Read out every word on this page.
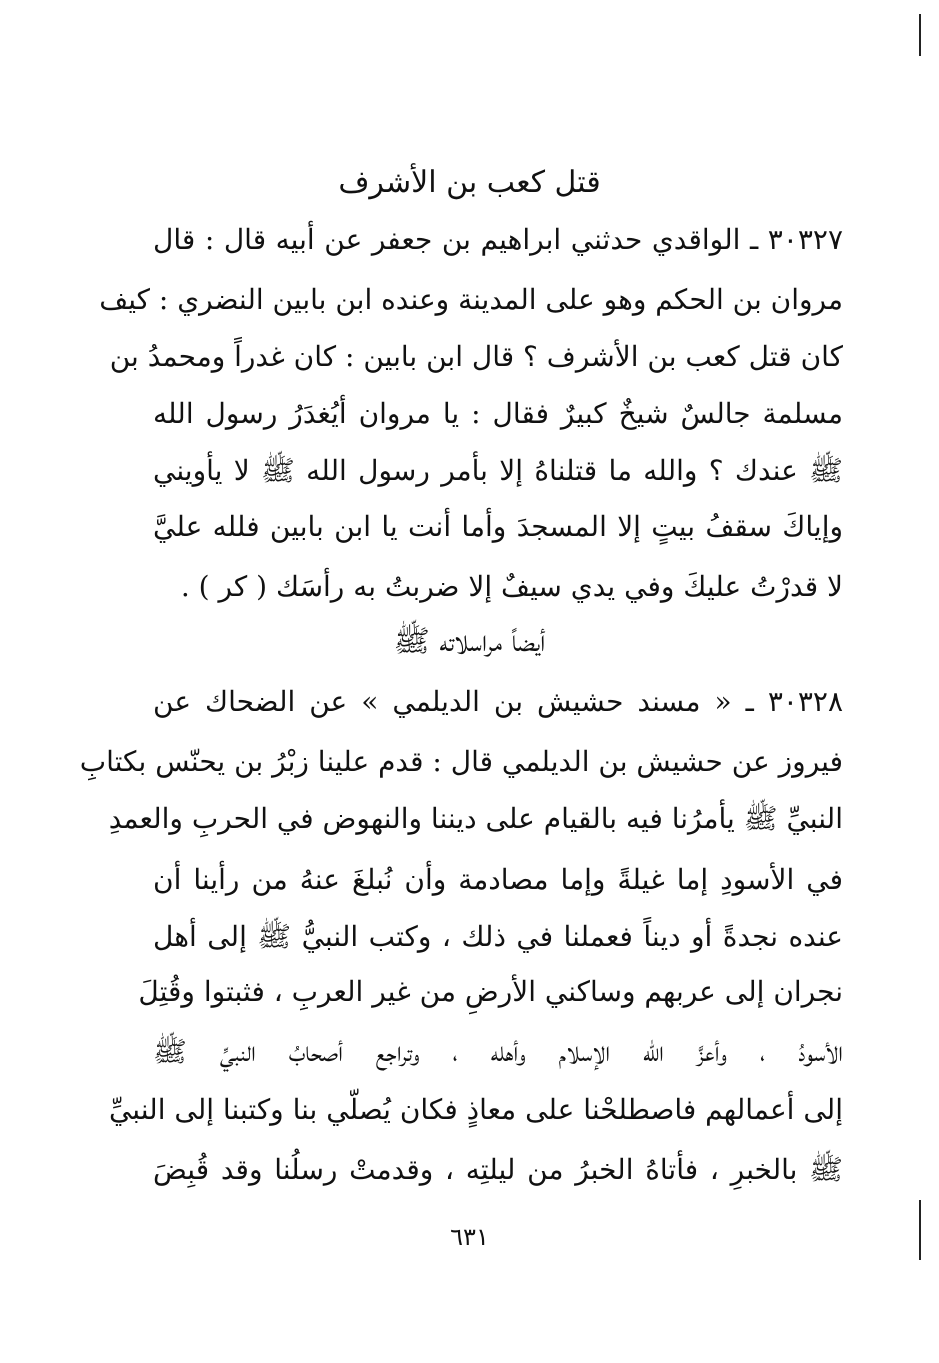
قتل كعب بن الأشرف
٣٠٣٢٧ ـ الواقدي حدثني ابراهيم بن جعفر عن أبيه قال : قال
مروان بن الحكم وهو على المدينة وعنده ابن بابين النضري : كيف
كان قتل كعب بن الأشرف ؟ قال ابن بابين : كان غدراً ومحمدُ بن
مسلمة جالسٌ شيخٌ كبيرٌ فقال : يا مروان أيُغدَرُ رسول الله
ﷺ عندك ؟ والله ما قتلناهُ إلا بأمر رسول الله ﷺ لا يأويني
وإياكَ سقفُ بيتٍ إلا المسجدَ وأما أنت يا ابن بابين فلله عليَّ
لا قدرْتُ عليكَ وفي يدي سيفٌ إلا ضربتُ به رأسَك ( كر ) .
أيضاً مراسلاته ﷺ
٣٠٣٢٨ ـ « مسند حشيش بن الديلمي » عن الضحاك عن
فيروز عن حشيش بن الديلمي قال : قدم علينا زبْرُ بن يحنّس بكتابِ
النبيِّ ﷺ يأمرُنا فيه بالقيام على ديننا والنهوض في الحربِ والعمدِ
في الأسودِ إما غيلةً وإما مصادمة وأن نُبلغَ عنهُ من رأينا أن
عنده نجدةً أو ديناً فعملنا في ذلك ، وكتب النبيُّ ﷺ إلى أهل
نجران إلى عربهم وساكني الأرضِ من غير العربِ ، فثبتوا وقُتِلَ
الأسودُ ، وأعزَّ الله الإسلام وأهله ، وتراجع أصحابُ النبيِّ ﷺ
إلى أعمالهم فاصطلحْنا على معاذٍ فكان يُصلّي بنا وكتبنا إلى النبيِّ
ﷺ بالخبرِ ، فأتاهُ الخبرُ من ليلتِه ، وقدمتْ رسلُنا وقد قُبِضَ
٦٣١
